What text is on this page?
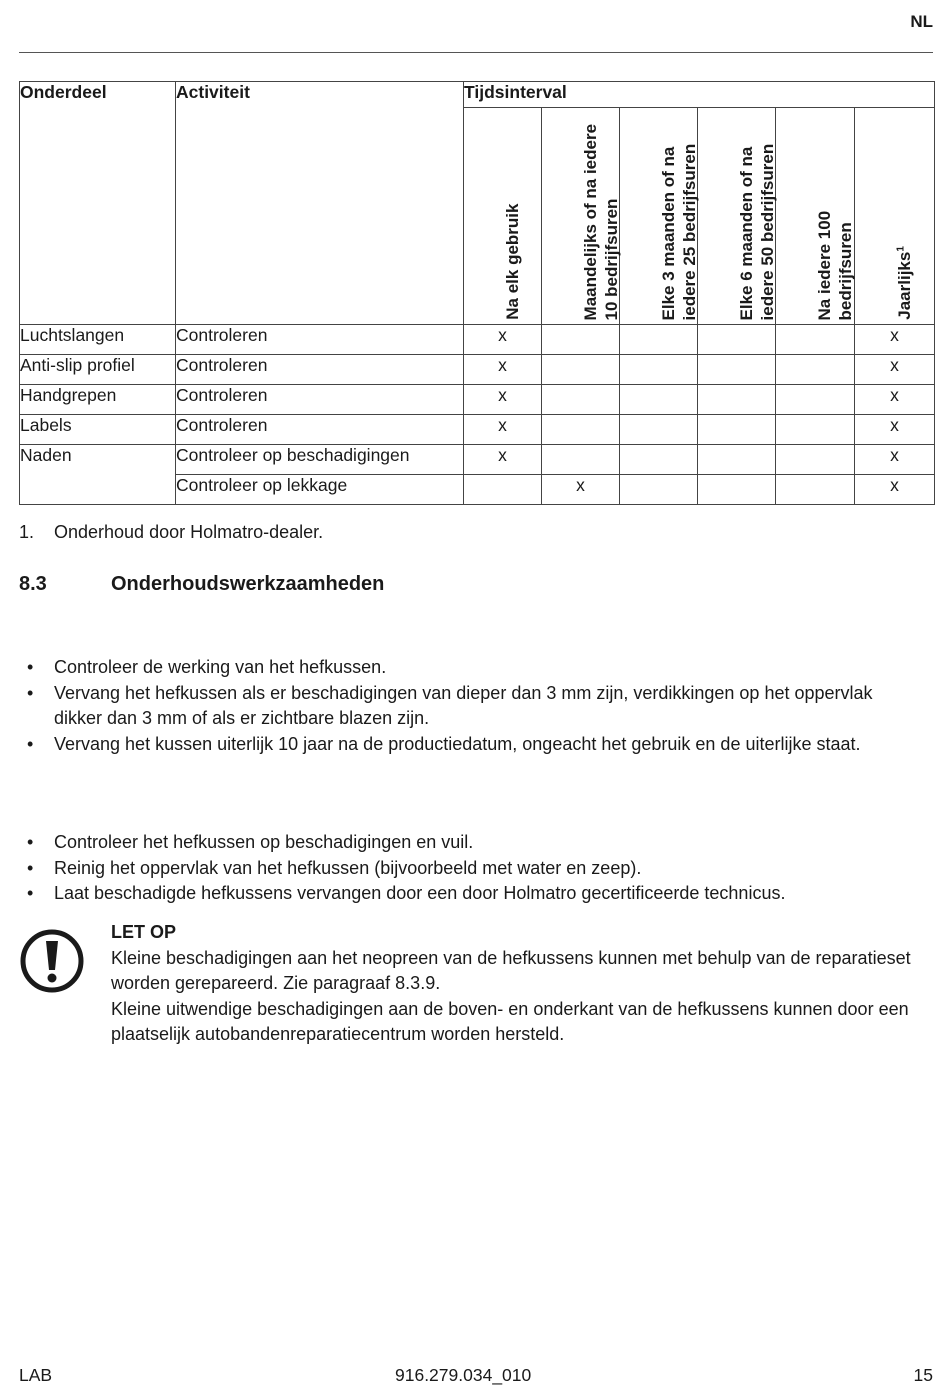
NL
Onderdeel	Activiteit	Tijdsinterval					

		Na elk gebruik	Maandelijks of na iedere 10 bedrijfsuren	Elke 3 maanden of na iedere 25 bedrijfsuren	Elke 6 maanden of na iedere 50 bedrijfsuren	Na iedere 100 bedrijfsuren	Jaarlijks$^1$

Luchtslangen	Controleren	x					x
Anti-slip profiel	Controleren	x					x
Handgrepen	Controleren	x					x
Labels	Controleren	x					x
Naden	Controleer op beschadigingen	x					x
	Controleer op lekkage		x				x
1. Onderhoud door Holmatro-dealer.
8.3	Onderhoudswerkzaamheden
• Controleer de werking van het hefkussen.
• Vervang het hefkussen als er beschadigingen van dieper dan 3 mm zijn, verdikkingen op het oppervlak dikker dan 3 mm of als er zichtbare blazen zijn.
• Vervang het kussen uiterlijk 10 jaar na de productiedatum, ongeacht het gebruik en de uiterlijke staat.
• Controleer het hefkussen op beschadigingen en vuil.
• Reinig het oppervlak van het hefkussen (bijvoorbeeld met water en zeep).
• Laat beschadigde hefkussens vervangen door een door Holmatro gecertificeerde technicus.
LET OP
Kleine beschadigingen aan het neopreen van de hefkussens kunnen met behulp van de reparatieset worden gerepareerd. Zie paragraaf 8.3.9.
Kleine uitwendige beschadigingen aan de boven- en onderkant van de hefkussens kunnen door een plaatselijk autobandenreparatiecentrum worden hersteld.
LAB	916.279.034_010	15
